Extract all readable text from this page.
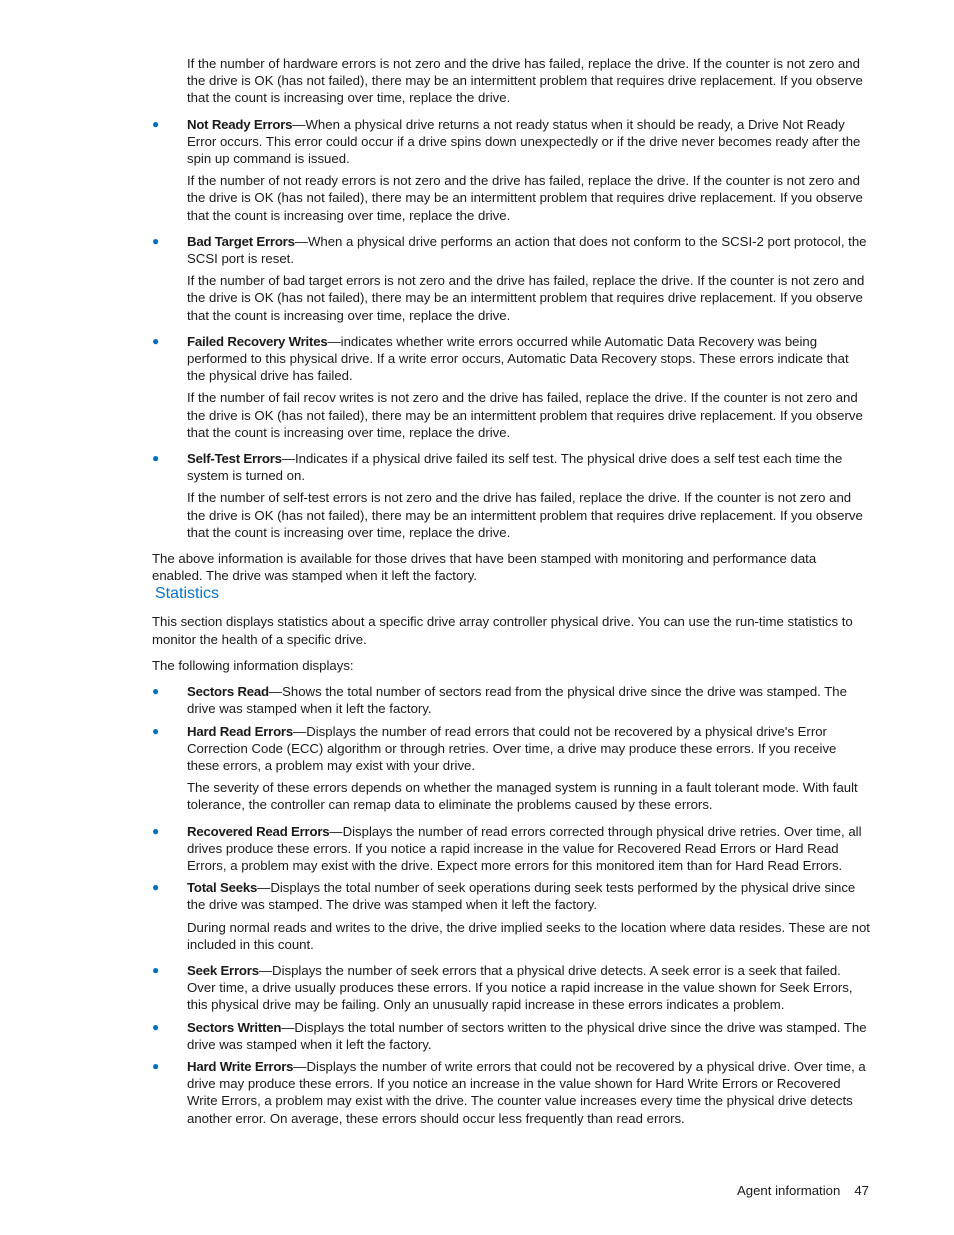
If the number of hardware errors is not zero and the drive has failed, replace the drive. If the counter is not zero and the drive is OK (has not failed), there may be an intermittent problem that requires drive replacement. If you observe that the count is increasing over time, replace the drive.

● Not Ready Errors—When a physical drive returns a not ready status when it should be ready, a Drive Not Ready Error occurs. This error could occur if a drive spins down unexpectedly or if the drive never becomes ready after the spin up command is issued.

If the number of not ready errors is not zero and the drive has failed, replace the drive. If the counter is not zero and the drive is OK (has not failed), there may be an intermittent problem that requires drive replacement. If you observe that the count is increasing over time, replace the drive.

● Bad Target Errors—When a physical drive performs an action that does not conform to the SCSI-2 port protocol, the SCSI port is reset.

If the number of bad target errors is not zero and the drive has failed, replace the drive. If the counter is not zero and the drive is OK (has not failed), there may be an intermittent problem that requires drive replacement. If you observe that the count is increasing over time, replace the drive.

● Failed Recovery Writes—indicates whether write errors occurred while Automatic Data Recovery was being performed to this physical drive. If a write error occurs, Automatic Data Recovery stops. These errors indicate that the physical drive has failed.

If the number of fail recov writes is not zero and the drive has failed, replace the drive. If the counter is not zero and the drive is OK (has not failed), there may be an intermittent problem that requires drive replacement. If you observe that the count is increasing over time, replace the drive.

● Self-Test Errors—Indicates if a physical drive failed its self test. The physical drive does a self test each time the system is turned on.

If the number of self-test errors is not zero and the drive has failed, replace the drive. If the counter is not zero and the drive is OK (has not failed), there may be an intermittent problem that requires drive replacement. If you observe that the count is increasing over time, replace the drive.

The above information is available for those drives that have been stamped with monitoring and performance data enabled. The drive was stamped when it left the factory.

Statistics

This section displays statistics about a specific drive array controller physical drive. You can use the run-time statistics to monitor the health of a specific drive.

The following information displays:

● Sectors Read—Shows the total number of sectors read from the physical drive since the drive was stamped. The drive was stamped when it left the factory.

● Hard Read Errors—Displays the number of read errors that could not be recovered by a physical drive's Error Correction Code (ECC) algorithm or through retries. Over time, a drive may produce these errors. If you receive these errors, a problem may exist with your drive.

The severity of these errors depends on whether the managed system is running in a fault tolerant mode. With fault tolerance, the controller can remap data to eliminate the problems caused by these errors.

● Recovered Read Errors—Displays the number of read errors corrected through physical drive retries. Over time, all drives produce these errors. If you notice a rapid increase in the value for Recovered Read Errors or Hard Read Errors, a problem may exist with the drive. Expect more errors for this monitored item than for Hard Read Errors.

● Total Seeks—Displays the total number of seek operations during seek tests performed by the physical drive since the drive was stamped. The drive was stamped when it left the factory.

During normal reads and writes to the drive, the drive implied seeks to the location where data resides. These are not included in this count.

● Seek Errors—Displays the number of seek errors that a physical drive detects. A seek error is a seek that failed. Over time, a drive usually produces these errors. If you notice a rapid increase in the value shown for Seek Errors, this physical drive may be failing. Only an unusually rapid increase in these errors indicates a problem.

● Sectors Written—Displays the total number of sectors written to the physical drive since the drive was stamped. The drive was stamped when it left the factory.

● Hard Write Errors—Displays the number of write errors that could not be recovered by a physical drive. Over time, a drive may produce these errors. If you notice an increase in the value shown for Hard Write Errors or Recovered Write Errors, a problem may exist with the drive. The counter value increases every time the physical drive detects another error. On average, these errors should occur less frequently than read errors.

Agent information 47
